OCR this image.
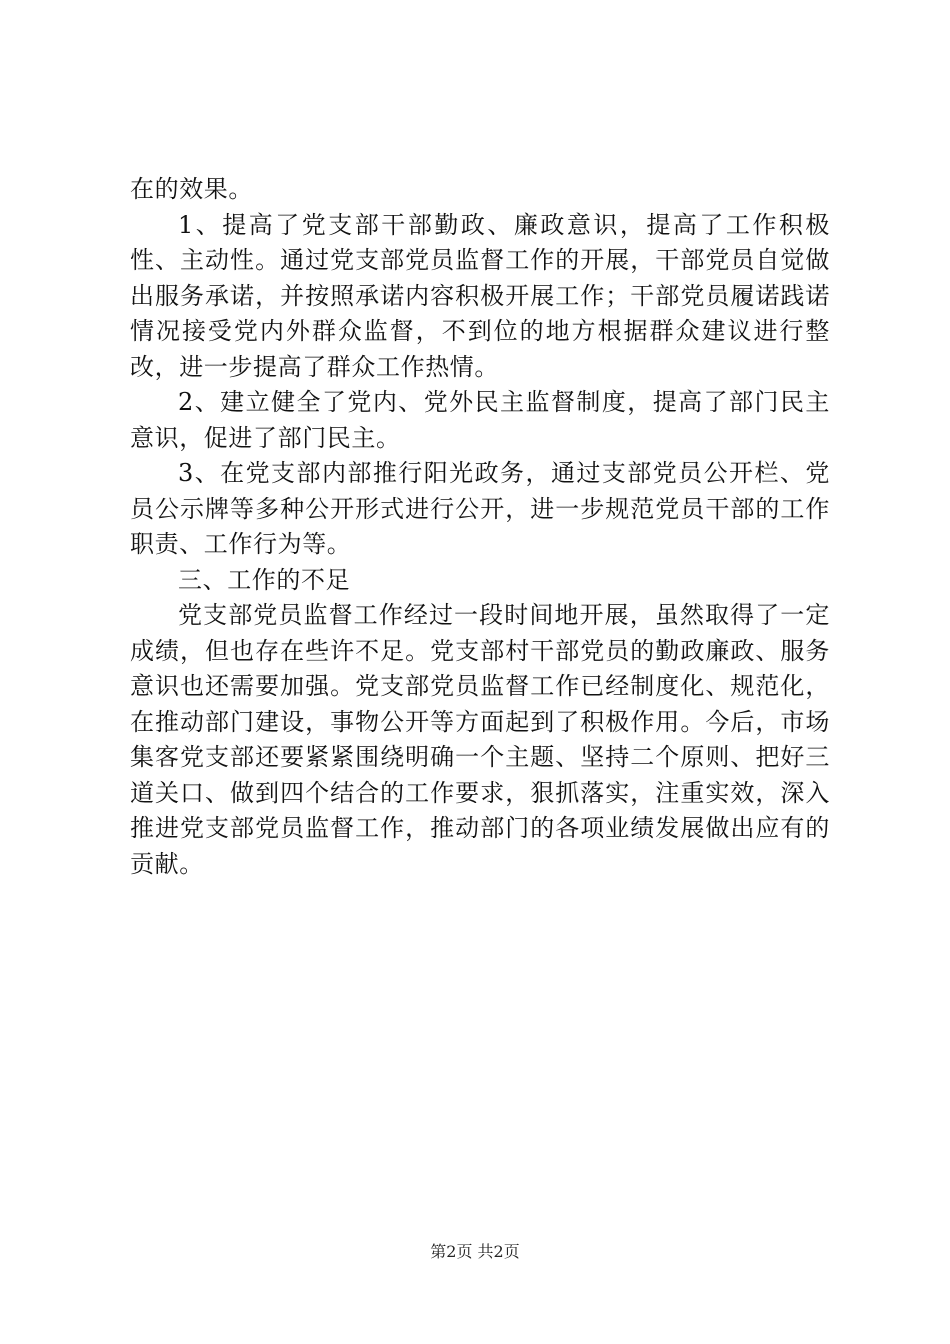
在的效果。

1、提高了党支部干部勤政、廉政意识，提高了工作积极性、主动性。通过党支部党员监督工作的开展，干部党员自觉做出服务承诺，并按照承诺内容积极开展工作；干部党员履诺践诺情况接受党内外群众监督，不到位的地方根据群众建议进行整改，进一步提高了群众工作热情。

2、建立健全了党内、党外民主监督制度，提高了部门民主意识，促进了部门民主。

3、在党支部内部推行阳光政务，通过支部党员公开栏、党员公示牌等多种公开形式进行公开，进一步规范党员干部的工作职责、工作行为等。

三、工作的不足

党支部党员监督工作经过一段时间地开展，虽然取得了一定成绩，但也存在些许不足。党支部村干部党员的勤政廉政、服务意识也还需要加强。党支部党员监督工作已经制度化、规范化，在推动部门建设，事物公开等方面起到了积极作用。今后，市场集客党支部还要紧紧围绕明确一个主题、坚持二个原则、把好三道关口、做到四个结合的工作要求，狠抓落实，注重实效，深入推进党支部党员监督工作，推动部门的各项业绩发展做出应有的贡献。

第2页 共2页
